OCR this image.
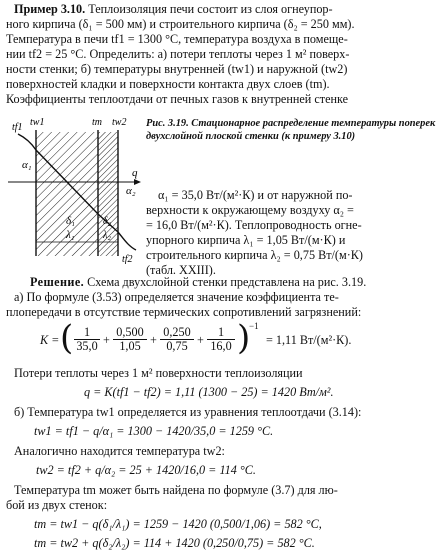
Пример 3.10. Теплоизоляция печи состоит из слоя огнеупор-
ного кирпича (δ₁ = 500 мм) и строительного кирпича (δ₂ = 250 мм).
Температура в печи tf1 = 1300 °С, температура воздуха в помеще-
нии tf2 = 25 °С. Определить: а) потери теплоты через 1 м² поверх-
ности стенки; б) температуры внутренней (tw1) и наружной (tw2)
поверхностей кладки и поверхности контакта двух слоев (tm).
Коэффициенты теплоотдачи от печных газов к внутренней стенке
tf1 tw1	tm tw2
α₁
α₂
q
δ₁
λ₁
δ₂
λ₂
tf2
Рис. 3.19. Стационарное распределение температуры поперек двухслойной плоской стенки (к примеру 3.10)
α₁ = 35,0 Вт/(м²·К) и от наружной по-
верхности к окружающему воздуху α₂ =
= 16,0 Вт/(м²·К). Теплопроводность огне-
упорного кирпича λ₁ = 1,05 Вт/(м·К) и
строительного кирпича λ₂ = 0,75 Вт/(м·К)
(табл. XXIII).
Решение. Схема двухслойной стенки представлена на рис. 3.19.
а) По формуле (3.53) определяется значение коэффициента те-
плопередачи в отсутствие термических сопротивлений загрязнений:
K = ( $\frac{1}{35,0} + \frac{0,500}{1,05} + \frac{0,250}{0,75} + \frac{1}{16,0}$ )
−1
= 1,11 Вт/(м²·К).
Потери теплоты через 1 м² поверхности теплоизоляции
q = K(tf1 − tf2) = 1,11 (1300 − 25) = 1420 Вт/м².
б) Температура tw1 определяется из уравнения теплоотдачи (3.14):
tw1 = tf1 − q/α₁ = 1300 − 1420/35,0 = 1259 °С.
Аналогично находится температура tw2:
tw2 = tf2 + q/α₂ = 25 + 1420/16,0 = 114 °С.
Температура tm может быть найдена по формуле (3.7) для лю-
бой из двух стенок:
tm = tw1 − q(δ₁/λ₁) = 1259 − 1420 (0,500/1,06) = 582 °С,
tm = tw2 + q(δ₂/λ₂) = 114 + 1420 (0,250/0,75) = 582 °С.
